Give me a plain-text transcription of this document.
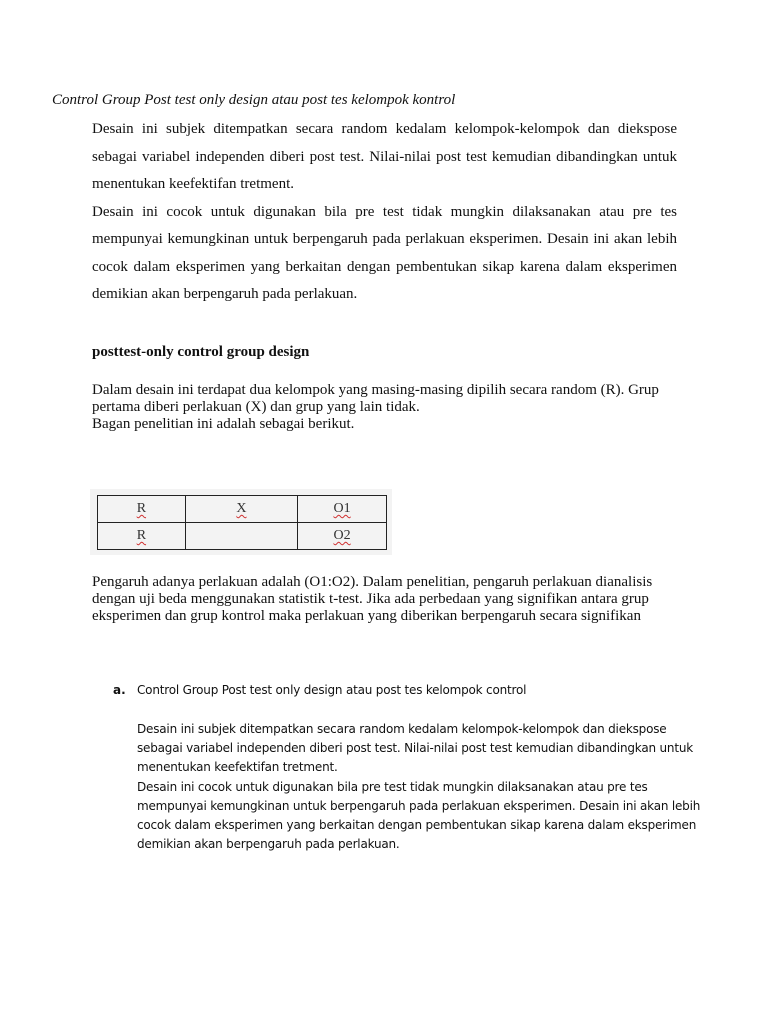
Control Group Post test only design atau post tes kelompok kontrol
Desain ini subjek ditempatkan secara random kedalam kelompok-kelompok dan diekspose
sebagai variabel independen diberi post test. Nilai-nilai post test kemudian dibandingkan untuk
menentukan keefektifan tretment.
Desain ini cocok untuk digunakan bila pre test tidak mungkin dilaksanakan atau pre tes
mempunyai kemungkinan untuk berpengaruh pada perlakuan eksperimen. Desain ini akan lebih
cocok dalam eksperimen yang berkaitan dengan pembentukan sikap karena dalam eksperimen
demikian akan berpengaruh pada perlakuan.
posttest-only control group design
Dalam desain ini terdapat dua kelompok yang masing-masing dipilih secara random (R). Grup
pertama diberi perlakuan (X) dan grup yang lain tidak.
Bagan penelitian ini adalah sebagai berikut.
R	X	O1
R		O2
Pengaruh adanya perlakuan adalah (O1:O2). Dalam penelitian, pengaruh perlakuan dianalisis
dengan uji beda menggunakan statistik t-test. Jika ada perbedaan yang signifikan antara grup
eksperimen dan grup kontrol maka perlakuan yang diberikan berpengaruh secara signifikan
a. Control Group Post test only design atau post tes kelompok control
Desain ini subjek ditempatkan secara random kedalam kelompok-kelompok dan diekspose
sebagai variabel independen diberi post test. Nilai-nilai post test kemudian dibandingkan untuk
menentukan keefektifan tretment.
Desain ini cocok untuk digunakan bila pre test tidak mungkin dilaksanakan atau pre tes
mempunyai kemungkinan untuk berpengaruh pada perlakuan eksperimen. Desain ini akan lebih
cocok dalam eksperimen yang berkaitan dengan pembentukan sikap karena dalam eksperimen
demikian akan berpengaruh pada perlakuan.
